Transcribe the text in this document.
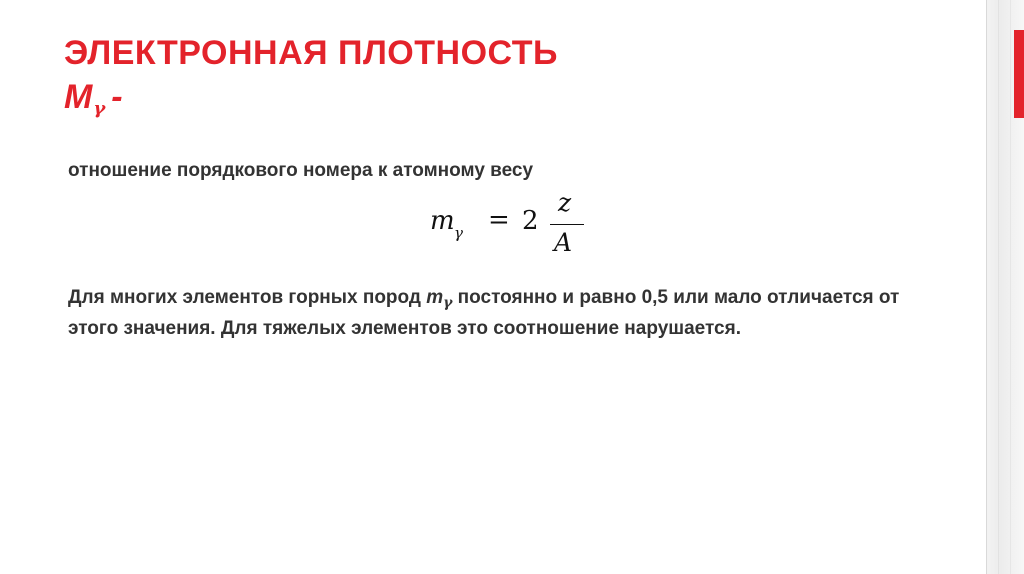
ЭЛЕКТРОННАЯ ПЛОТНОСТЬ
Мγ -
отношение порядкового номера к атомному весу
m γ = 2
z
A
Для многих элементов горных пород $m_\gamma$ постоянно и равно 0,5 или мало отличается от этого значения. Для тяжелых элементов это соотношение нарушается.
